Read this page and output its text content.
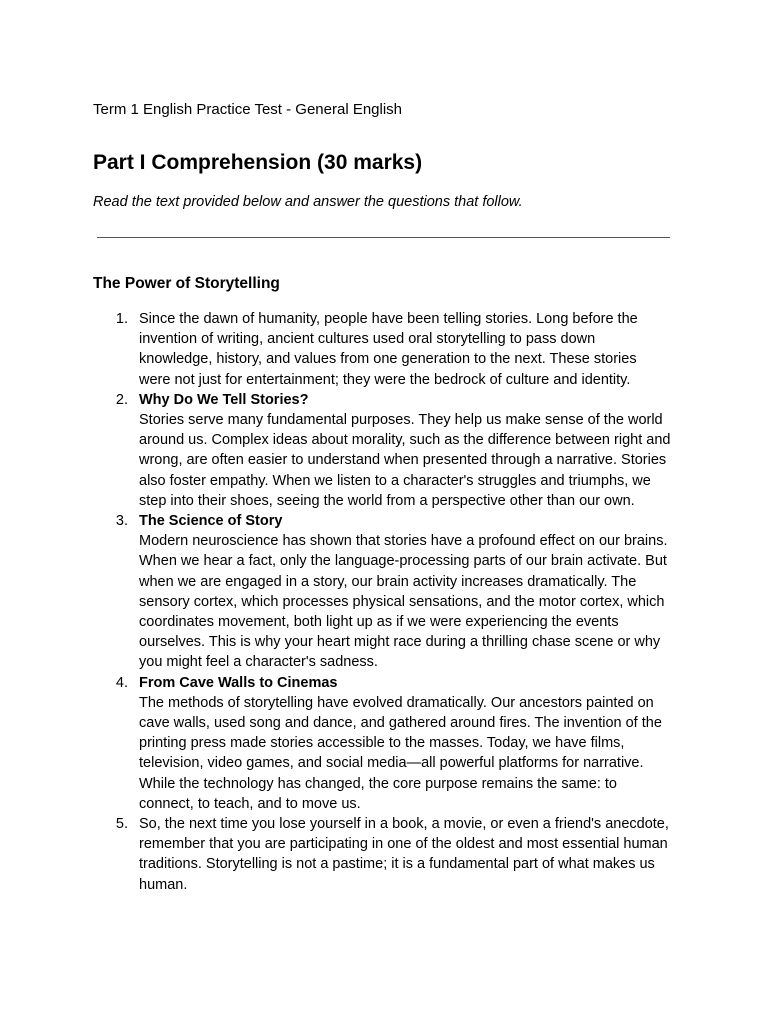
Term 1 English Practice Test - General English
Part I Comprehension (30 marks)
Read the text provided below and answer the questions that follow.
The Power of Storytelling
1. Since the dawn of humanity, people have been telling stories. Long before the invention of writing, ancient cultures used oral storytelling to pass down knowledge, history, and values from one generation to the next. These stories were not just for entertainment; they were the bedrock of culture and identity.
2. Why Do We Tell Stories?
Stories serve many fundamental purposes. They help us make sense of the world around us. Complex ideas about morality, such as the difference between right and wrong, are often easier to understand when presented through a narrative. Stories also foster empathy. When we listen to a character's struggles and triumphs, we step into their shoes, seeing the world from a perspective other than our own.
3. The Science of Story
Modern neuroscience has shown that stories have a profound effect on our brains. When we hear a fact, only the language-processing parts of our brain activate. But when we are engaged in a story, our brain activity increases dramatically. The sensory cortex, which processes physical sensations, and the motor cortex, which coordinates movement, both light up as if we were experiencing the events ourselves. This is why your heart might race during a thrilling chase scene or why you might feel a character's sadness.
4. From Cave Walls to Cinemas
The methods of storytelling have evolved dramatically. Our ancestors painted on cave walls, used song and dance, and gathered around fires. The invention of the printing press made stories accessible to the masses. Today, we have films, television, video games, and social media—all powerful platforms for narrative. While the technology has changed, the core purpose remains the same: to connect, to teach, and to move us.
5. So, the next time you lose yourself in a book, a movie, or even a friend's anecdote, remember that you are participating in one of the oldest and most essential human traditions. Storytelling is not a pastime; it is a fundamental part of what makes us human.
